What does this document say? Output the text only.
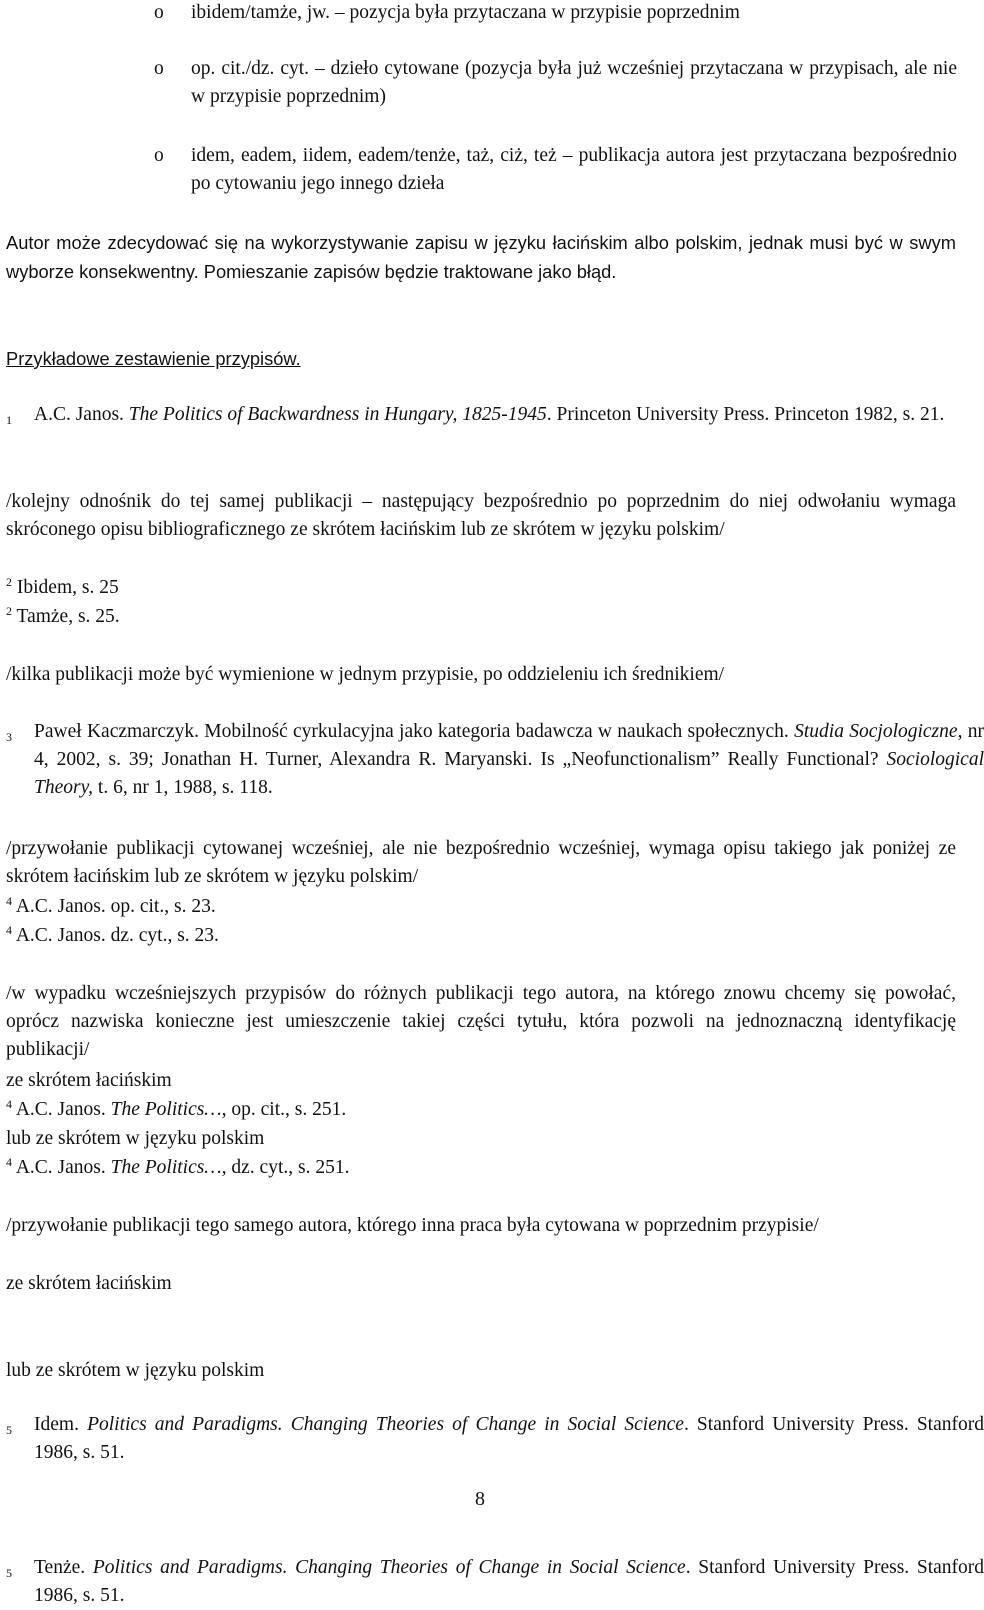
o	ibidem/tamże, jw. – pozycja była przytaczana w przypisie poprzednim
o	op. cit./dz. cyt. – dzieło cytowane (pozycja była już wcześniej przytaczana w przypisach, ale nie w przypisie poprzednim)
o	idem, eadem, iidem, eadem/tenże, taż, ciż, też – publikacja autora jest przytaczana bezpośrednio po cytowaniu jego innego dzieła
Autor może zdecydować się na wykorzystywanie zapisu w języku łacińskim albo polskim, jednak musi być w swym wyborze konsekwentny. Pomieszanie zapisów będzie traktowane jako błąd.
Przykładowe zestawienie przypisów.
1 A.C. Janos. The Politics of Backwardness in Hungary, 1825-1945. Princeton University Press. Princeton 1982, s. 21.
/kolejny odnośnik do tej samej publikacji – następujący bezpośrednio po poprzednim do niej odwołaniu wymaga skróconego opisu bibliograficznego ze skrótem łacińskim lub ze skrótem w języku polskim/
$^2$ Ibidem, s. 25
$^2$ Tamże, s. 25.
/kilka publikacji może być wymienione w jednym przypisie, po oddzieleniu ich średnikiem/
3 Paweł Kaczmarczyk. Mobilność cyrkulacyjna jako kategoria badawcza w naukach społecznych. Studia Socjologiczne, nr 4, 2002, s. 39; Jonathan H. Turner, Alexandra R. Maryanski. Is „Neofunctionalism” Really Functional? Sociological Theory, t. 6, nr 1, 1988, s. 118.
/przywołanie publikacji cytowanej wcześniej, ale nie bezpośrednio wcześniej, wymaga opisu takiego jak poniżej ze skrótem łacińskim lub ze skrótem w języku polskim/
$^4$ A.C. Janos. op. cit., s. 23.
$^4$ A.C. Janos. dz. cyt., s. 23.
/w wypadku wcześniejszych przypisów do różnych publikacji tego autora, na którego znowu chcemy się powołać, oprócz nazwiska konieczne jest umieszczenie takiej części tytułu, która pozwoli na jednoznaczną identyfikację publikacji/
ze skrótem łacińskim
$^4$ A.C. Janos. The Politics…, op. cit., s. 251.
lub ze skrótem w języku polskim
$^4$ A.C. Janos. The Politics…, dz. cyt., s. 251.
/przywołanie publikacji tego samego autora, którego inna praca była cytowana w poprzednim przypisie/
ze skrótem łacińskim
5 Idem. Politics and Paradigms. Changing Theories of Change in Social Science. Stanford University Press. Stanford 1986, s. 51.
lub ze skrótem w języku polskim
5 Tenże. Politics and Paradigms. Changing Theories of Change in Social Science. Stanford University Press. Stanford 1986, s. 51.
8
